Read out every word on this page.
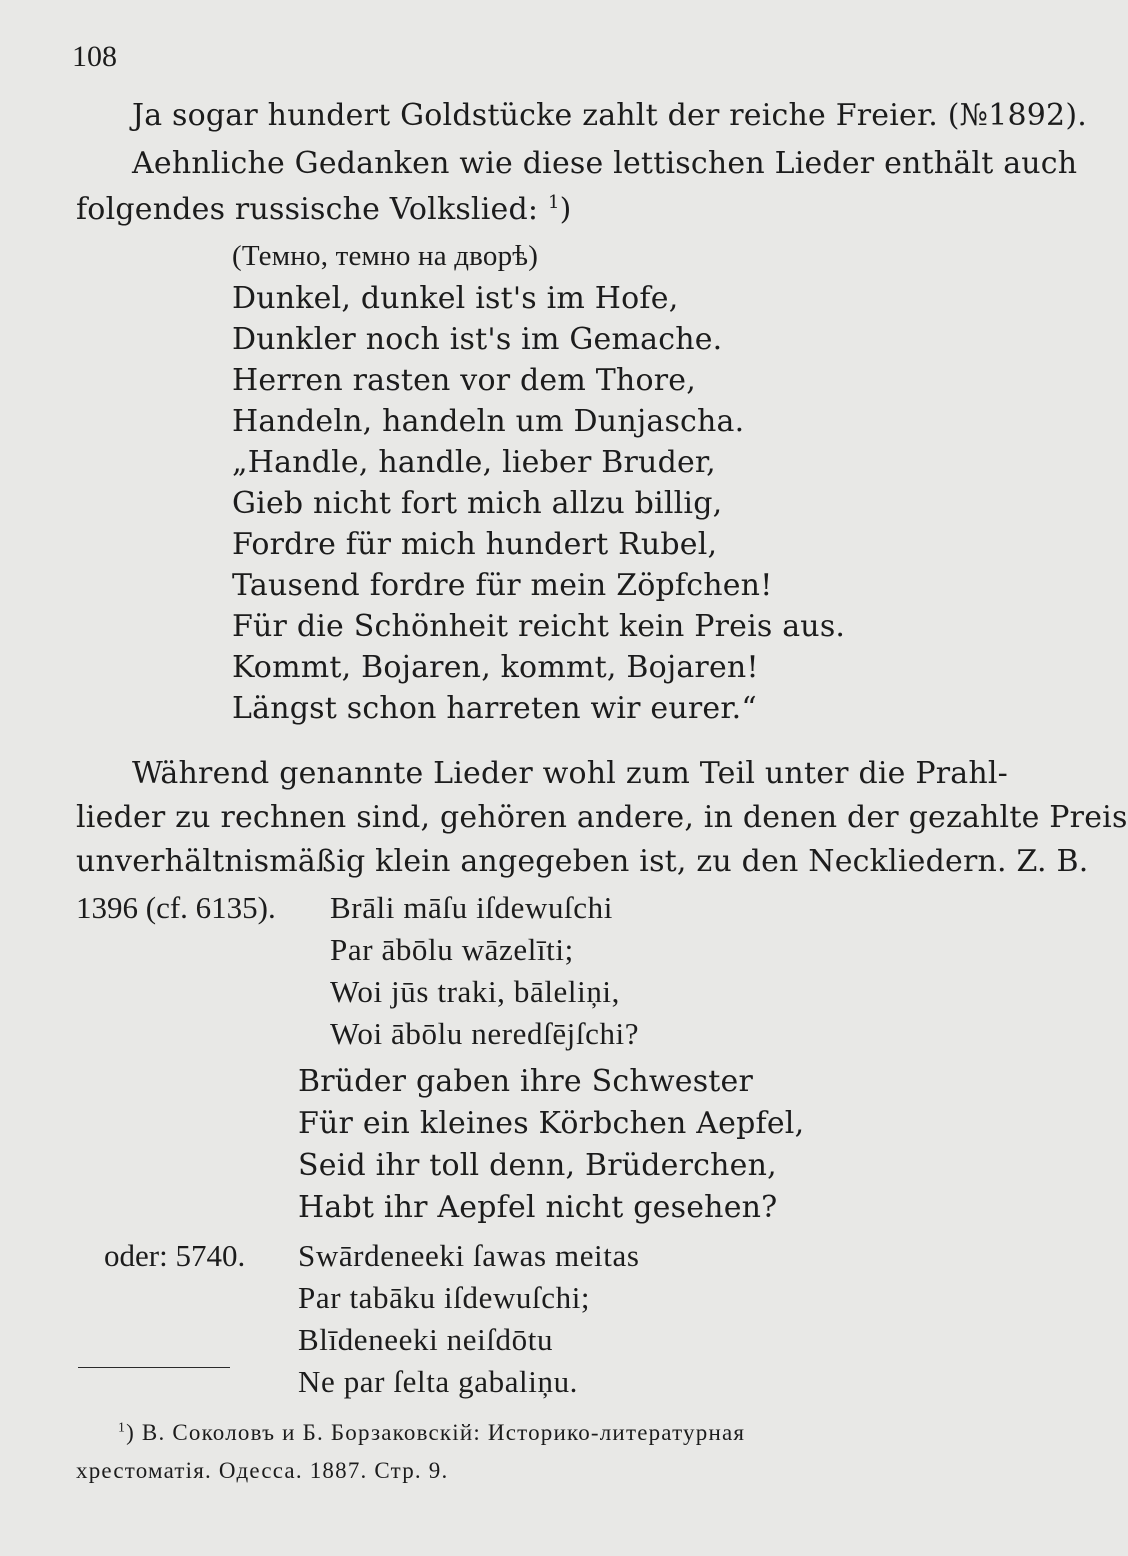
108
Ja sogar hundert Goldstücke zahlt der reiche Freier. (№1892).
Aehnliche Gedanken wie diese lettischen Lieder enthält auch
folgendes russische Volkslied: $^1$)
(Темно, темно на дворѣ)
Dunkel, dunkel ist's im Hofe,
Dunkler noch ist's im Gemache.
Herren rasten vor dem Thore,
Handeln, handeln um Dunjascha.
„Handle, handle, lieber Bruder,
Gieb nicht fort mich allzu billig,
Fordre für mich hundert Rubel,
Tausend fordre für mein Zöpfchen!
Für die Schönheit reicht kein Preis aus.
Kommt, Bojaren, kommt, Bojaren!
Längst schon harreten wir eurer.“
Während genannte Lieder wohl zum Teil unter die Prahl-
lieder zu rechnen sind, gehören andere, in denen der gezahlte Preis
unverhältnismäßig klein angegeben ist, zu den Neckliedern. Z. B.
1396 (cf. 6135). Brāli māſu iſdewuſchi
Par ābōlu wāzelīti;
Woi jūs traki, bāleliņi,
Woi ābōlu neredſējſchi?
Brüder gaben ihre Schwester
Für ein kleines Körbchen Aepfel,
Seid ihr toll denn, Brüderchen,
Habt ihr Aepfel nicht gesehen?
oder: 5740. Swārdeneeki ſawas meitas
Par tabāku iſdewuſchi;
Blīdeneeki neiſdōtu
Ne par ſelta gabaliņu.
$^1$) В. Соколовъ и Б. Борзаковскiй: Историко-литературная
хрестоматiя. Одесса. 1887. Стр. 9.
